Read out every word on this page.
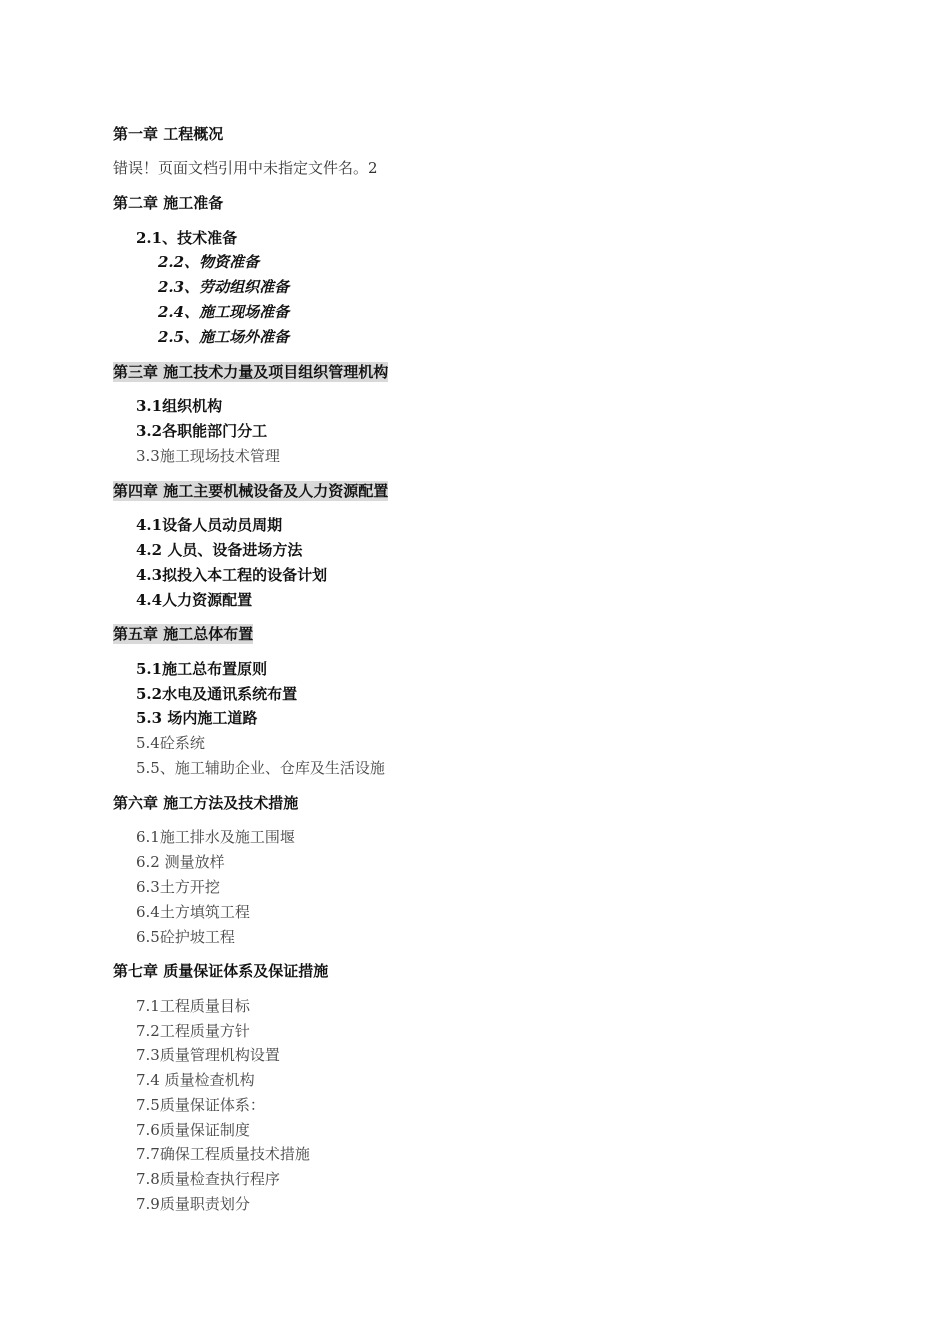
第一章 工程概况
错误！页面文档引用中未指定文件名。2
第二章 施工准备
2.1、技术准备
2.2、物资准备
2.3、劳动组织准备
2.4、施工现场准备
2.5、施工场外准备
第三章 施工技术力量及项目组织管理机构
3.1组织机构
3.2各职能部门分工
3.3施工现场技术管理
第四章 施工主要机械设备及人力资源配置
4.1设备人员动员周期
4.2 人员、设备进场方法
4.3拟投入本工程的设备计划
4.4人力资源配置
第五章 施工总体布置
5.1施工总布置原则
5.2水电及通讯系统布置
5.3 场内施工道路
5.4砼系统
5.5、施工辅助企业、仓库及生活设施
第六章 施工方法及技术措施
6.1施工排水及施工围堰
6.2 测量放样
6.3土方开挖
6.4土方填筑工程
6.5砼护坡工程
第七章 质量保证体系及保证措施
7.1工程质量目标
7.2工程质量方针
7.3质量管理机构设置
7.4 质量检查机构
7.5质量保证体系：
7.6质量保证制度
7.7确保工程质量技术措施
7.8质量检查执行程序
7.9质量职责划分
